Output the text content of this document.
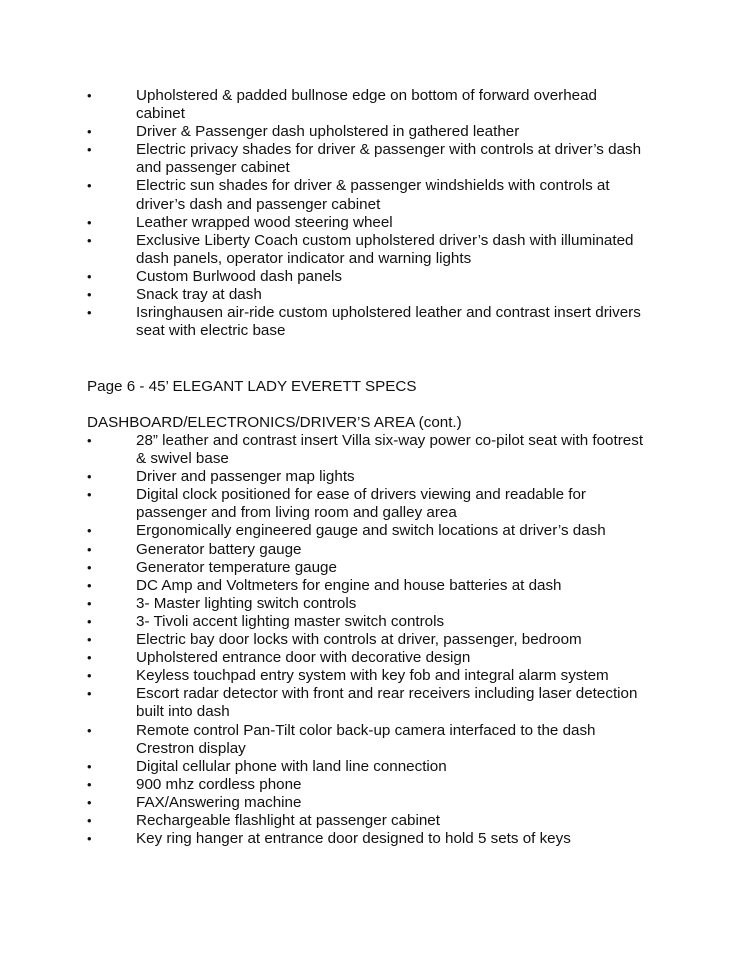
•	Upholstered & padded bullnose edge on bottom of forward overhead cabinet
•	Driver & Passenger dash upholstered in gathered leather
•	Electric privacy shades for driver & passenger with controls at driver’s dash and passenger cabinet
•	Electric sun shades for driver & passenger windshields with controls at driver’s dash and passenger cabinet
•	Leather wrapped wood steering wheel
•	Exclusive Liberty Coach custom upholstered driver’s dash with illuminated dash panels, operator indicator and warning lights
•	Custom Burlwood dash panels
•	Snack tray at dash
•	Isringhausen air-ride custom upholstered leather and contrast insert drivers seat with electric base
Page 6 - 45’ ELEGANT LADY EVERETT SPECS
DASHBOARD/ELECTRONICS/DRIVER’S AREA (cont.)
•	28” leather and contrast insert Villa six-way power co-pilot seat with footrest & swivel base
•	Driver and passenger map lights
•	Digital clock positioned for ease of drivers viewing and readable for passenger and from living room and galley area
•	Ergonomically engineered gauge and switch locations at driver’s dash
•	Generator battery gauge
•	Generator temperature gauge
•	DC Amp and Voltmeters for engine and house batteries at dash
•	3- Master lighting switch controls
•	3- Tivoli accent lighting master switch controls
•	Electric bay door locks with controls at driver, passenger, bedroom
•	Upholstered entrance door with decorative design
•	Keyless touchpad entry system with key fob and integral alarm system
•	Escort radar detector with front and rear receivers including laser detection built into dash
•	Remote control Pan-Tilt color back-up camera interfaced to the dash Crestron display
•	Digital cellular phone with land line connection
•	900 mhz cordless phone
•	FAX/Answering machine
•	Rechargeable flashlight at passenger cabinet
•	Key ring hanger at entrance door designed to hold 5 sets of keys
